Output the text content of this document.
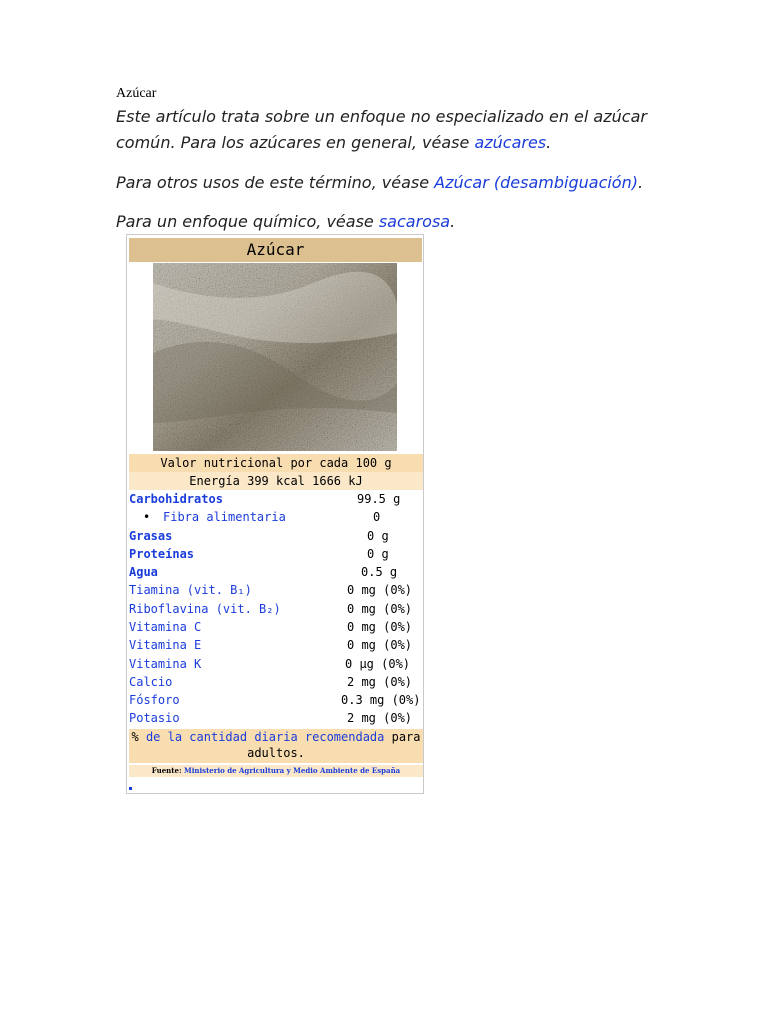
Azúcar
Este artículo trata sobre un enfoque no especializado en el azúcar común. Para los azúcares en general, véase azúcares.
Para otros usos de este término, véase Azúcar (desambiguación).
Para un enfoque químico, véase sacarosa.
Azúcar
Valor nutricional por cada 100 g
Energía 399 kcal 1666 kJ
Carbohidratos	99.5 g
• Fibra alimentaria	0
Grasas	0 g
Proteínas	0 g
Agua	0.5 g
Tiamina (vit. B₁)	0 mg (0%)
Riboflavina (vit. B₂)	0 mg (0%)
Vitamina C	0 mg (0%)
Vitamina E	0 mg (0%)
Vitamina K	0 μg (0%)
Calcio	2 mg (0%)
Fósforo	0.3 mg (0%)
Potasio	2 mg (0%)
% de la cantidad diaria recomendada para adultos.
Fuente: Ministerio de Agricultura y Medio Ambiente de España
